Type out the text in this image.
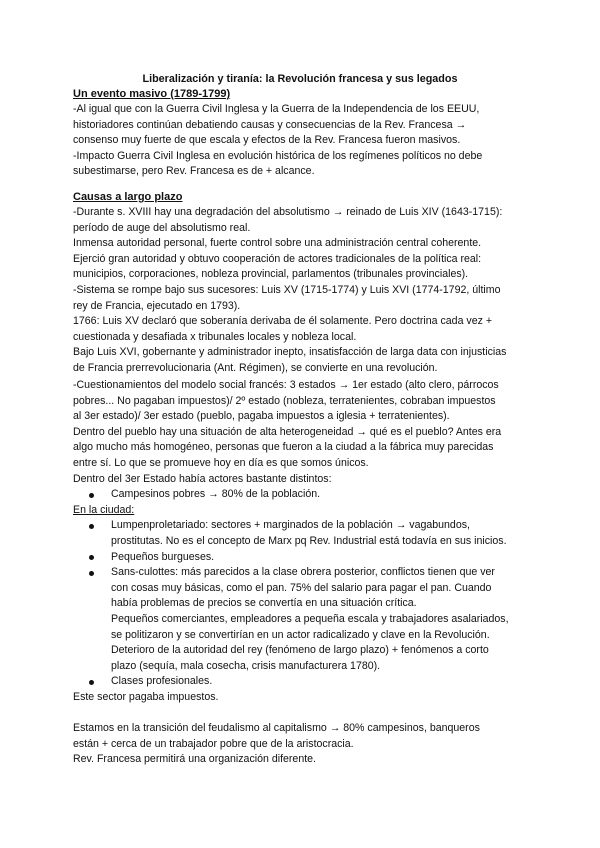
Liberalización y tiranía: la Revolución francesa y sus legados
Un evento masivo (1789-1799)

-Al igual que con la Guerra Civil Inglesa y la Guerra de la Independencia de los EEUU,

historiadores continúan debatiendo causas y consecuencias de la Rev. Francesa →

consenso muy fuerte de que escala y efectos de la Rev. Francesa fueron masivos.

-Impacto Guerra Civil Inglesa en evolución histórica de los regímenes políticos no debe

subestimarse, pero Rev. Francesa es de + alcance.

Causas a largo plazo

-Durante s. XVIII hay una degradación del absolutismo → reinado de Luis XIV (1643-1715):

período de auge del absolutismo real.

Inmensa autoridad personal, fuerte control sobre una administración central coherente.

Ejerció gran autoridad y obtuvo cooperación de actores tradicionales de la política real:

municipios, corporaciones, nobleza provincial, parlamentos (tribunales provinciales).

-Sistema se rompe bajo sus sucesores: Luis XV (1715-1774) y Luis XVI (1774-1792, último

rey de Francia, ejecutado en 1793).

1766: Luis XV declaró que soberanía derivaba de él solamente. Pero doctrina cada vez +

cuestionada y desafiada x tribunales locales y nobleza local.

Bajo Luis XVI, gobernante y administrador inepto, insatisfacción de larga data con injusticias

de Francia prerrevolucionaria (Ant. Régimen), se convierte en una revolución.

-Cuestionamientos del modelo social francés: 3 estados → 1er estado (alto clero, párrocos

pobres... No pagaban impuestos)/ 2º estado (nobleza, terratenientes, cobraban impuestos

al 3er estado)/ 3er estado (pueblo, pagaba impuestos a iglesia + terratenientes).

Dentro del pueblo hay una situación de alta heterogeneidad → qué es el pueblo? Antes era

algo mucho más homogéneo, personas que fueron a la ciudad a la fábrica muy parecidas

entre sí. Lo que se promueve hoy en día es que somos únicos.

Dentro del 3er Estado había actores bastante distintos:

Campesinos pobres → 80% de la población.

En la ciudad:

Lumpenproletariado: sectores + marginados de la población → vagabundos,
prostitutas. No es el concepto de Marx pq Rev. Industrial está todavía en sus inicios.
Pequeños burgueses.
Sans-culottes: más parecidos a la clase obrera posterior, conflictos tienen que ver
con cosas muy básicas, como el pan. 75% del salario para pagar el pan. Cuando
había problemas de precios se convertía en una situación crítica.
Pequeños comerciantes, empleadores a pequeña escala y trabajadores asalariados,
se politizaron y se convertirían en un actor radicalizado y clave en la Revolución.
Deterioro de la autoridad del rey (fenómeno de largo plazo) + fenómenos a corto
plazo (sequía, mala cosecha, crisis manufacturera 1780).
Clases profesionales.

Este sector pagaba impuestos.

Estamos en la transición del feudalismo al capitalismo → 80% campesinos, banqueros

están + cerca de un trabajador pobre que de la aristocracia.

Rev. Francesa permitirá una organización diferente.
